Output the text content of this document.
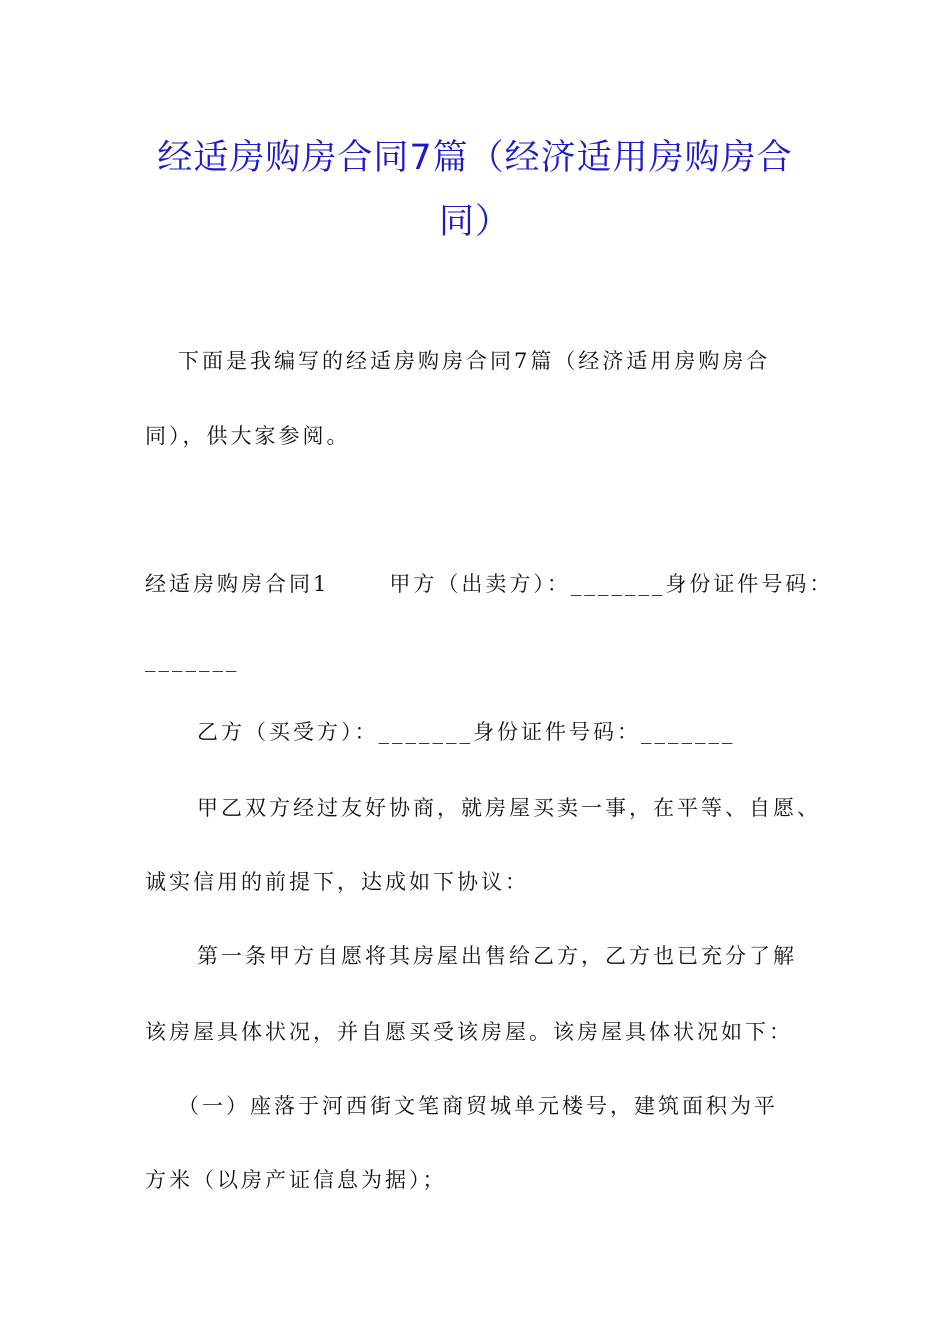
经适房购房合同7篇（经济适用房购房合
同）
下面是我编写的经适房购房合同7篇（经济适用房购房合
同），供大家参阅。
经适房购房合同1	甲方（出卖方）：_______身份证件号码：
_______
乙方（买受方）：_______身份证件号码：_______
甲乙双方经过友好协商，就房屋买卖一事，在平等、自愿、
诚实信用的前提下，达成如下协议：
第一条甲方自愿将其房屋出售给乙方，乙方也已充分了解
该房屋具体状况，并自愿买受该房屋。该房屋具体状况如下：
（一）座落于河西街文笔商贸城单元楼号，建筑面积为平
方米（以房产证信息为据）；
